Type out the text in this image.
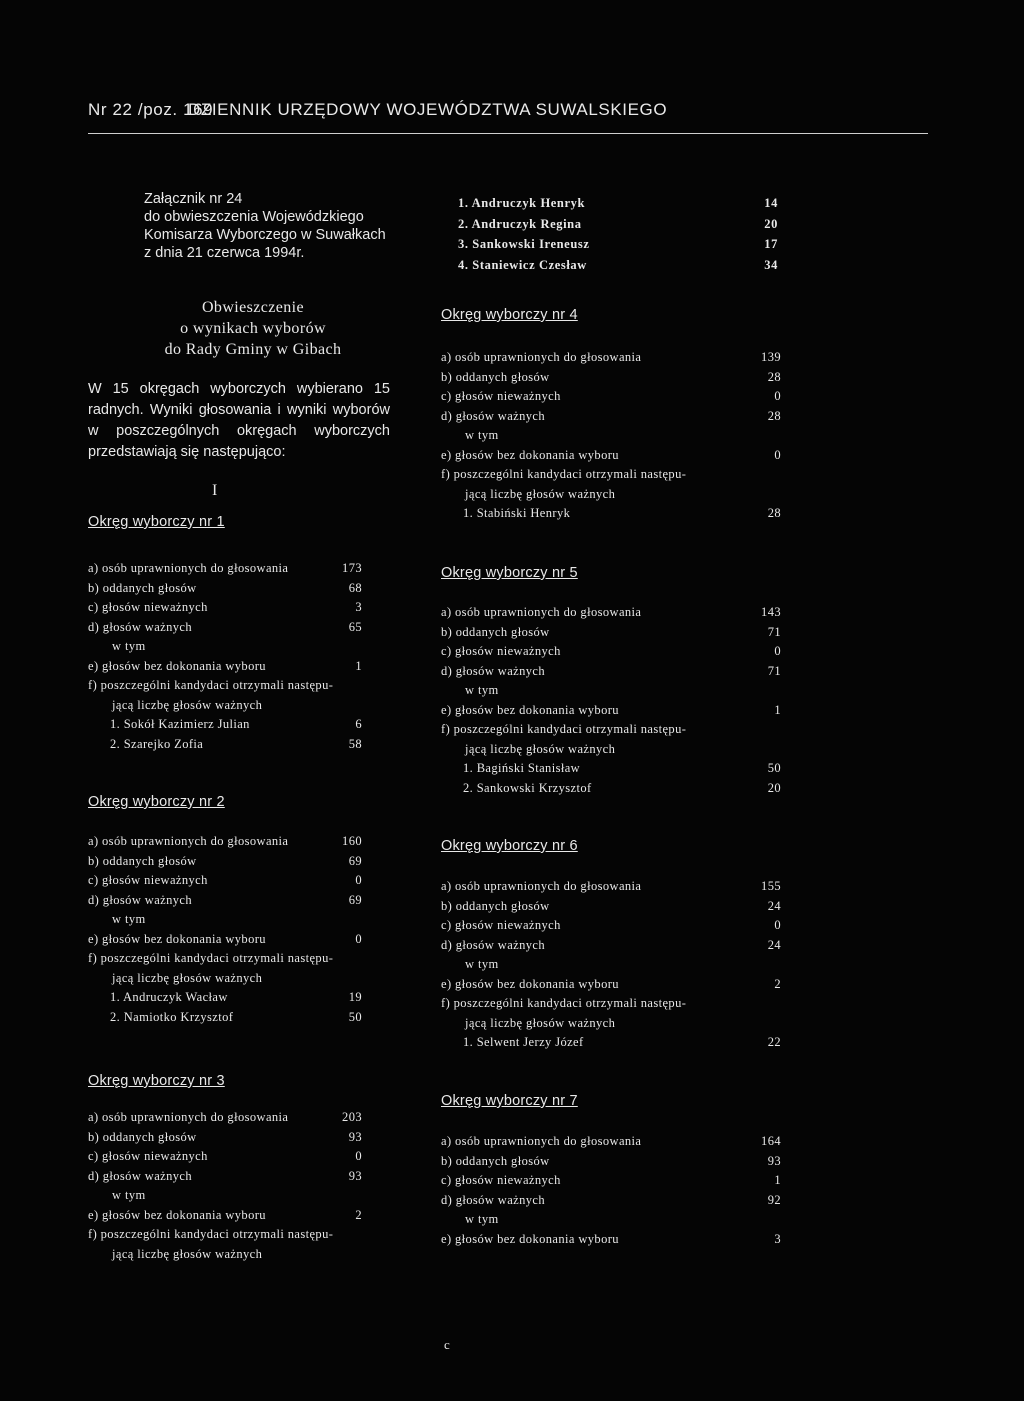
Nr 22 /poz. 169
DZIENNIK URZĘDOWY WOJEWÓDZTWA SUWALSKIEGO
Załącznik nr 24
do obwieszczenia Wojewódzkiego
Komisarza Wyborczego w Suwałkach
z dnia 21 czerwca 1994r.
1. Andruczyk Henryk	14
2. Andruczyk Regina	20
3. Sankowski Ireneusz	17
4. Staniewicz Czesław	34
Obwieszczenie
o wynikach wyborów
do Rady Gminy w Gibach
W 15 okręgach wyborczych wybierano 15 radnych. Wyniki głosowania i wyniki wyborów w poszczególnych okręgach wyborczych przedstawiają się następująco:
I
Okręg wyborczy nr 1
a) osób uprawnionych do głosowania	173
b) oddanych głosów	68
c) głosów nieważnych	3
d) głosów ważnych	65
w tym
e) głosów bez dokonania wyboru	1
f) poszczególni kandydaci otrzymali następu-
jącą liczbę głosów ważnych
1. Sokół Kazimierz Julian	6
2. Szarejko Zofia	58
Okręg wyborczy nr 2
a) osób uprawnionych do głosowania	160
b) oddanych głosów	69
c) głosów nieważnych	0
d) głosów ważnych	69
w tym
e) głosów bez dokonania wyboru	0
f) poszczególni kandydaci otrzymali następu-
jącą liczbę głosów ważnych
1. Andruczyk Wacław	19
2. Namiotko Krzysztof	50
Okręg wyborczy nr 3
a) osób uprawnionych do głosowania	203
b) oddanych głosów	93
c) głosów nieważnych	0
d) głosów ważnych	93
w tym
e) głosów bez dokonania wyboru	2
f) poszczególni kandydaci otrzymali następu-
jącą liczbę głosów ważnych
Okręg wyborczy nr 4
a) osób uprawnionych do głosowania	139
b) oddanych głosów	28
c) głosów nieważnych	0
d) głosów ważnych	28
w tym
e) głosów bez dokonania wyboru	0
f) poszczególni kandydaci otrzymali następu-
jącą liczbę głosów ważnych
1. Stabiński Henryk	28
Okręg wyborczy nr 5
a) osób uprawnionych do głosowania	143
b) oddanych głosów	71
c) głosów nieważnych	0
d) głosów ważnych	71
w tym
e) głosów bez dokonania wyboru	1
f) poszczególni kandydaci otrzymali następu-
jącą liczbę głosów ważnych
1. Bagiński Stanisław	50
2. Sankowski Krzysztof	20
Okręg wyborczy nr 6
a) osób uprawnionych do głosowania	155
b) oddanych głosów	24
c) głosów nieważnych	0
d) głosów ważnych	24
w tym
e) głosów bez dokonania wyboru	2
f) poszczególni kandydaci otrzymali następu-
jącą liczbę głosów ważnych
1. Selwent Jerzy Józef	22
Okręg wyborczy nr 7
a) osób uprawnionych do głosowania	164
b) oddanych głosów	93
c) głosów nieważnych	1
d) głosów ważnych	92
w tym
e) głosów bez dokonania wyboru	3
c
